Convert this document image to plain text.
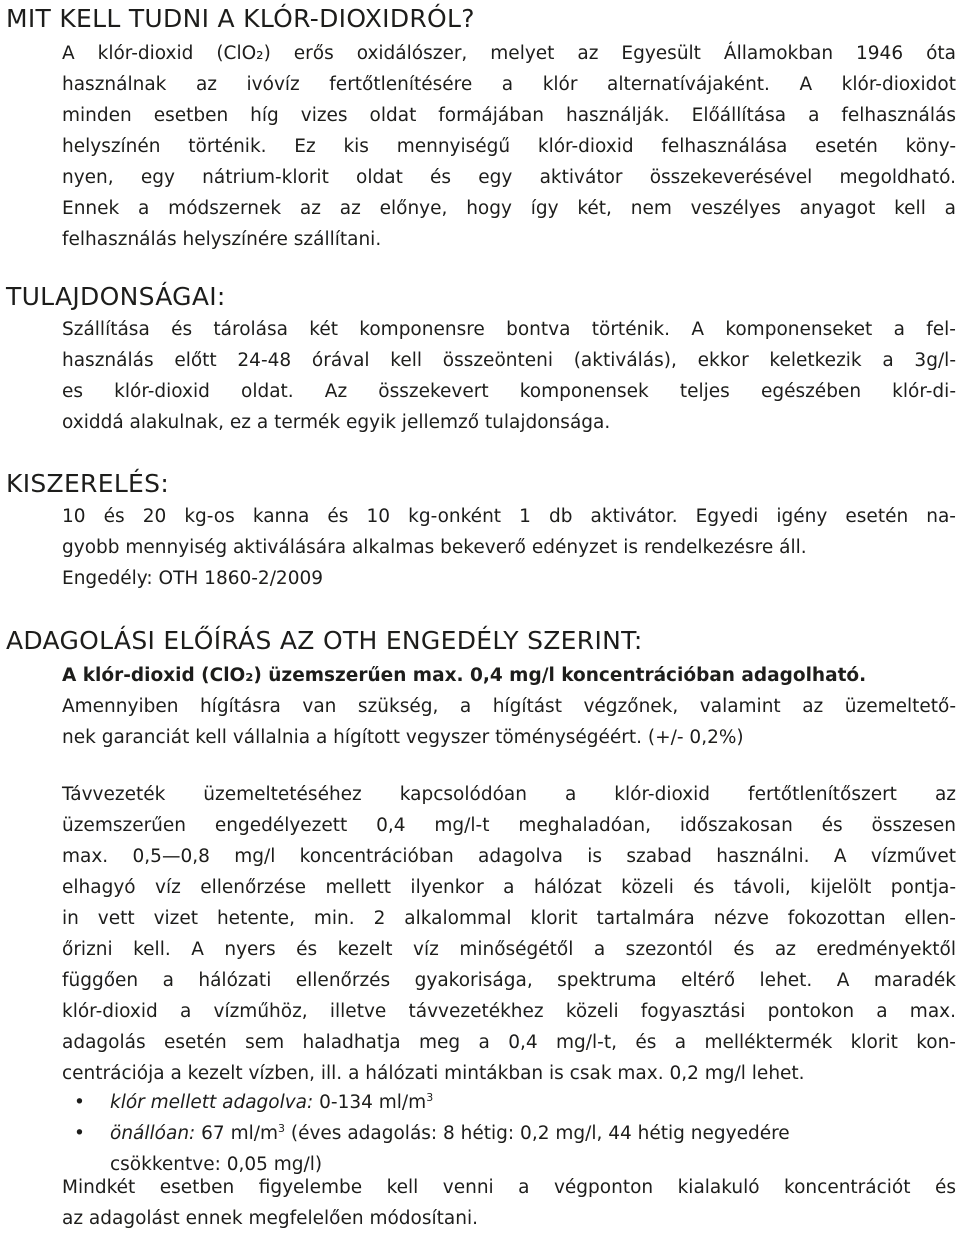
MIT KELL TUDNI A KLÓR-DIOXIDRÓL?
A klór-dioxid (ClO₂) erős oxidálószer, melyet az Egyesült Államokban 1946 óta
használnak az ivóvíz fertőtlenítésére a klór alternatívájaként. A klór-dioxidot
minden esetben híg vizes oldat formájában használják. Előállítása a felhasználás
helyszínén történik. Ez kis mennyiségű klór-dioxid felhasználása esetén köny-
nyen, egy nátrium-klorit oldat és egy aktivátor összekeverésével megoldható.
Ennek a módszernek az az előnye, hogy így két, nem veszélyes anyagot kell a
felhasználás helyszínére szállítani.
TULAJDONSÁGAI:
Szállítása és tárolása két komponensre bontva történik. A komponenseket a fel-
használás előtt 24-48 órával kell összeönteni (aktiválás), ekkor keletkezik a 3g/l-
es klór-dioxid oldat. Az összekevert komponensek teljes egészében klór-di-
oxiddá alakulnak, ez a termék egyik jellemző tulajdonsága.
KISZERELÉS:
10 és 20 kg-os kanna és 10 kg-onként 1 db aktivátor. Egyedi igény esetén na-
gyobb mennyiség aktiválására alkalmas bekeverő edényzet is rendelkezésre áll.
Engedély: OTH 1860-2/2009
ADAGOLÁSI ELŐÍRÁS AZ OTH ENGEDÉLY SZERINT:
A klór-dioxid (ClO₂) üzemszerűen max. 0,4 mg/l koncentrációban adagolható.
Amennyiben hígításra van szükség, a hígítást végzőnek, valamint az üzemeltető-
nek garanciát kell vállalnia a hígított vegyszer töménységéért. (+/- 0,2%)
Távvezeték üzemeltetéséhez kapcsolódóan a klór-dioxid fertőtlenítőszert az
üzemszerűen engedélyezett 0,4 mg/l-t meghaladóan, időszakosan és összesen
max. 0,5—0,8 mg/l koncentrációban adagolva is szabad használni. A vízművet
elhagyó víz ellenőrzése mellett ilyenkor a hálózat közeli és távoli, kijelölt pontja-
in vett vizet hetente, min. 2 alkalommal klorit tartalmára nézve fokozottan ellen-
őrizni kell. A nyers és kezelt víz minőségétől a szezontól és az eredményektől
függően a hálózati ellenőrzés gyakorisága, spektruma eltérő lehet. A maradék
klór-dioxid a vízműhöz, illetve távvezetékhez közeli fogyasztási pontokon a max.
adagolás esetén sem haladhatja meg a 0,4 mg/l-t, és a melléktermék klorit kon-
centrációja a kezelt vízben, ill. a hálózati mintákban is csak max. 0,2 mg/l lehet.
• klór mellett adagolva: 0-134 $ml/m^3$
• önállóan: 67 $ml/m^3$ (éves adagolás: 8 hétig: 0,2 mg/l, 44 hétig negyedére
csökkentve: 0,05 mg/l)
Mindkét esetben figyelembe kell venni a végponton kialakuló koncentrációt és
az adagolást ennek megfelelően módosítani.
